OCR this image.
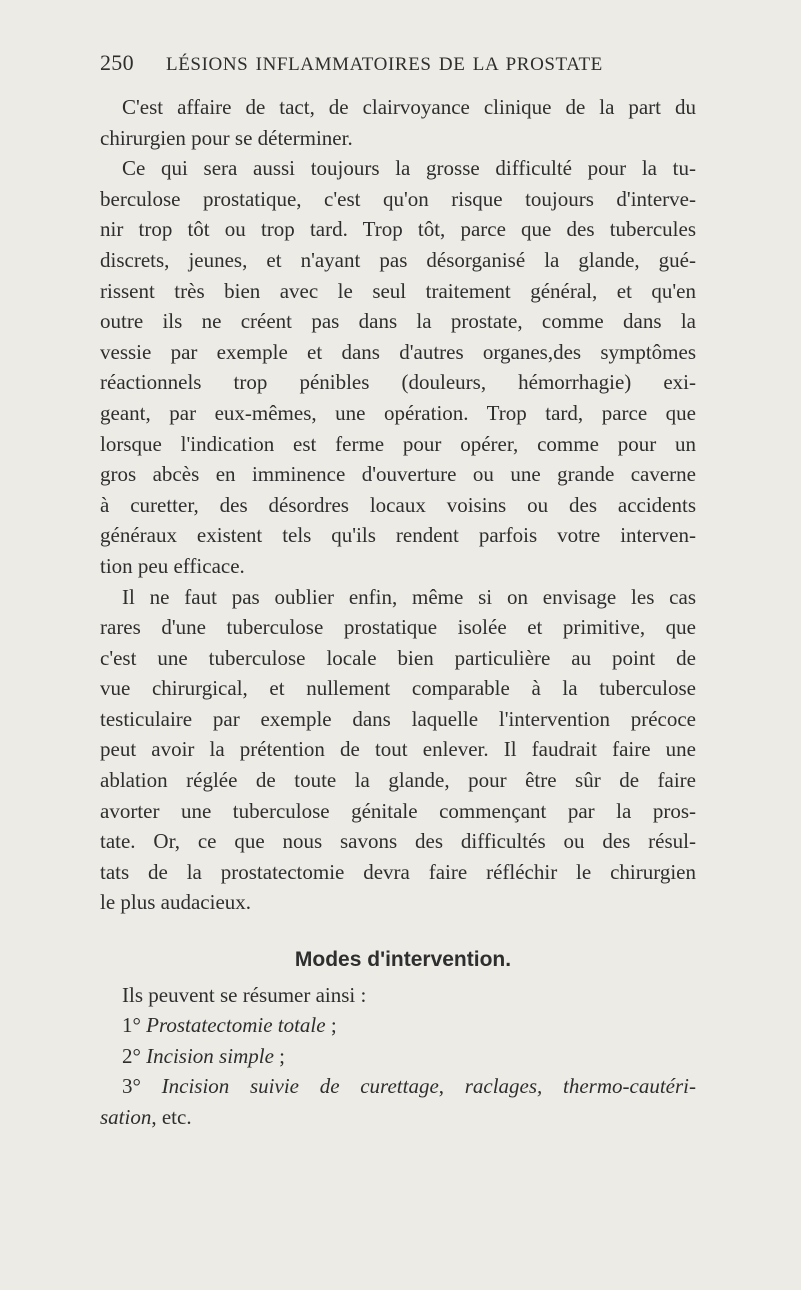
250	LÉSIONS INFLAMMATOIRES DE LA PROSTATE
C'est affaire de tact, de clairvoyance clinique de la part du
chirurgien pour se déterminer.
Ce qui sera aussi toujours la grosse difficulté pour la tu-
berculose prostatique, c'est qu'on risque toujours d'interve-
nir trop tôt ou trop tard. Trop tôt, parce que des tubercules
discrets, jeunes, et n'ayant pas désorganisé la glande, gué-
rissent très bien avec le seul traitement général, et qu'en
outre ils ne créent pas dans la prostate, comme dans la
vessie par exemple et dans d'autres organes,des symptômes
réactionnels trop pénibles (douleurs, hémorrhagie) exi-
geant, par eux-mêmes, une opération. Trop tard, parce que
lorsque l'indication est ferme pour opérer, comme pour un
gros abcès en imminence d'ouverture ou une grande caverne
à curetter, des désordres locaux voisins ou des accidents
généraux existent tels qu'ils rendent parfois votre interven-
tion peu efficace.
Il ne faut pas oublier enfin, même si on envisage les cas
rares d'une tuberculose prostatique isolée et primitive, que
c'est une tuberculose locale bien particulière au point de
vue chirurgical, et nullement comparable à la tuberculose
testiculaire par exemple dans laquelle l'intervention précoce
peut avoir la prétention de tout enlever. Il faudrait faire une
ablation réglée de toute la glande, pour être sûr de faire
avorter une tuberculose génitale commençant par la pros-
tate. Or, ce que nous savons des difficultés ou des résul-
tats de la prostatectomie devra faire réfléchir le chirurgien
le plus audacieux.
Modes d'intervention.
Ils peuvent se résumer ainsi :
1° Prostatectomie totale ;
2° Incision simple ;
3° Incision suivie de curettage, raclages, thermo-cautéri-
sation, etc.
